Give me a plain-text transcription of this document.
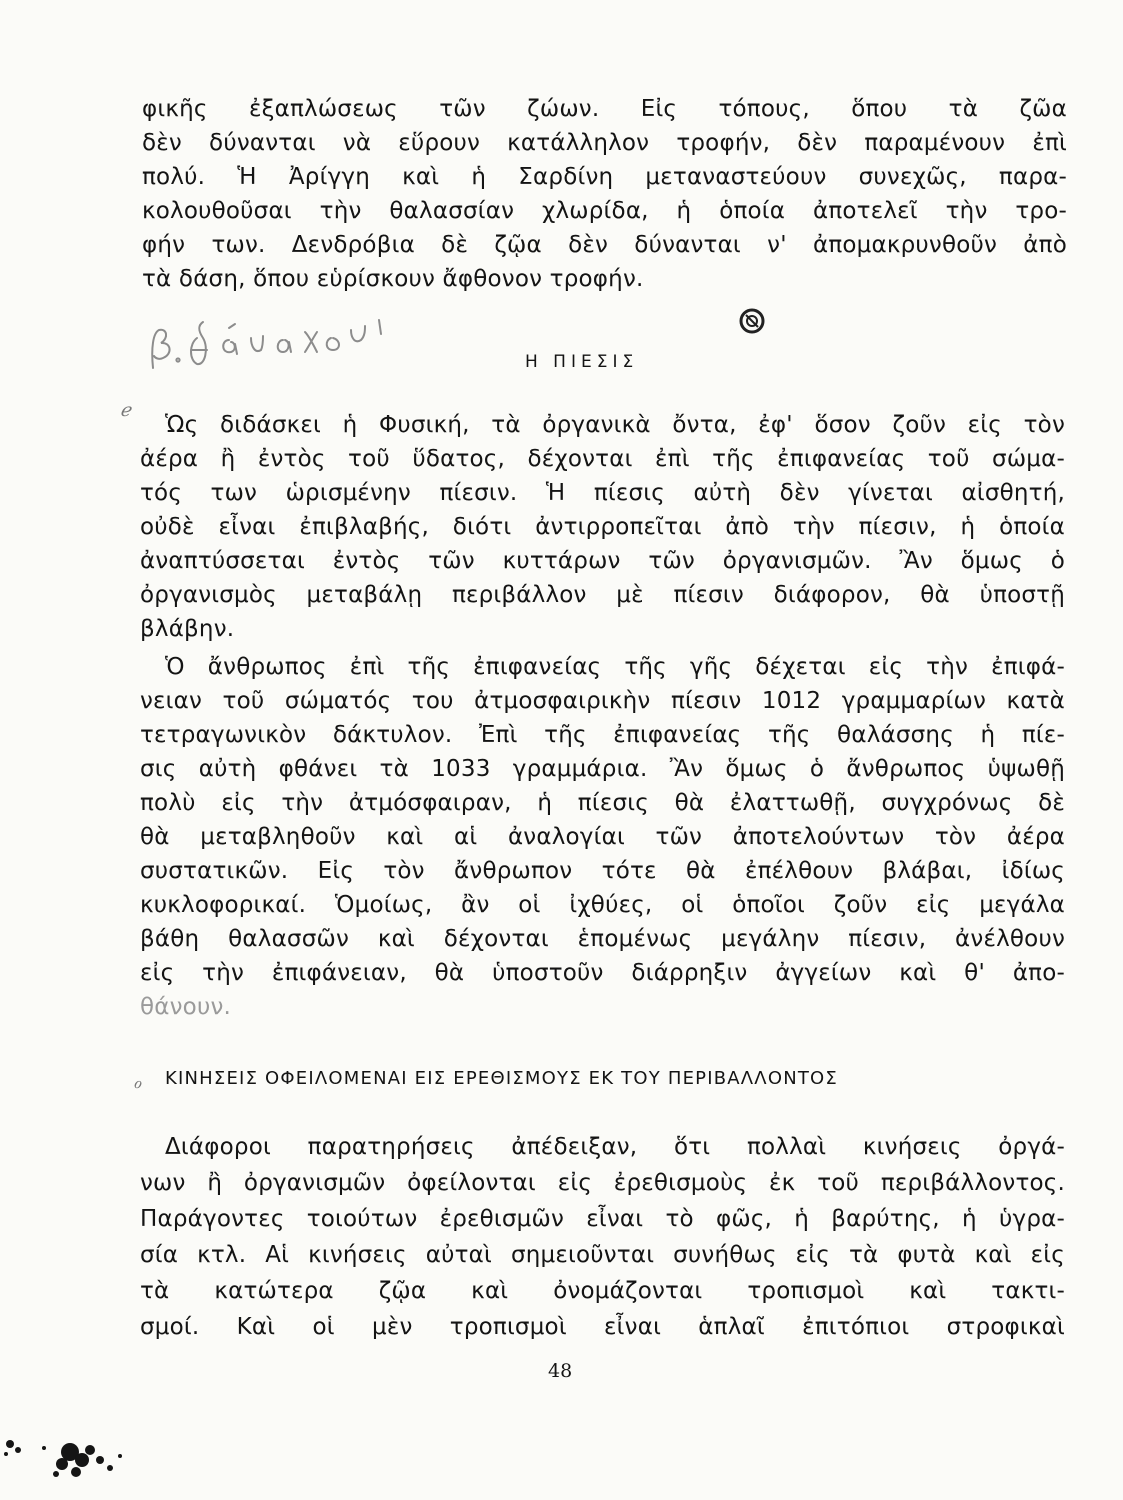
φικῆς ἐξαπλώσεως τῶν ζώων. Εἰς τόπους, ὅπου τὰ ζῶα

δὲν δύνανται νὰ εὕρουν κατάλληλον τροφήν, δὲν παραμένουν ἐπὶ

πολύ. Ἡ Ἀρίγγη καὶ ἡ Σαρδίνη μεταναστεύουν συνεχῶς, παρα-

κολουθοῦσαι τὴν θαλασσίαν χλωρίδα, ἡ ὁποία ἀποτελεῖ τὴν τρο-

φήν των. Δενδρόβια δὲ ζῷα δὲν δύνανται ν' ἀπομακρυνθοῦν ἀπὸ

τὰ δάση, ὅπου εὑρίσκουν ἄφθονον τροφήν.

Η ΠΙΕΣΙΣ
ℯ

Ὡς διδάσκει ἡ Φυσική, τὰ ὀργανικὰ ὄντα, ἐφ' ὅσον ζοῦν εἰς τὸν

ἀέρα ἢ ἐντὸς τοῦ ὕδατος, δέχονται ἐπὶ τῆς ἐπιφανείας τοῦ σώμα-

τός των ὡρισμένην πίεσιν. Ἡ πίεσις αὐτὴ δὲν γίνεται αἰσθητή,

οὐδὲ εἶναι ἐπιβλαβής, διότι ἀντιρροπεῖται ἀπὸ τὴν πίεσιν, ἡ ὁποία

ἀναπτύσσεται ἐντὸς τῶν κυττάρων τῶν ὀργανισμῶν. Ἂν ὅμως ὁ

ὀργανισμὸς μεταβάλῃ περιβάλλον μὲ πίεσιν διάφορον, θὰ ὑποστῇ

βλάβην.

Ὁ ἄνθρωπος ἐπὶ τῆς ἐπιφανείας τῆς γῆς δέχεται εἰς τὴν ἐπιφά-

νειαν τοῦ σώματός του ἀτμοσφαιρικὴν πίεσιν 1012 γραμμαρίων κατὰ

τετραγωνικὸν δάκτυλον. Ἐπὶ τῆς ἐπιφανείας τῆς θαλάσσης ἡ πίε-

σις αὐτὴ φθάνει τὰ 1033 γραμμάρια. Ἂν ὅμως ὁ ἄνθρωπος ὑψωθῇ

πολὺ εἰς τὴν ἀτμόσφαιραν, ἡ πίεσις θὰ ἐλαττωθῇ, συγχρόνως δὲ

θὰ μεταβληθοῦν καὶ αἱ ἀναλογίαι τῶν ἀποτελούντων τὸν ἀέρα

συστατικῶν. Εἰς τὸν ἄνθρωπον τότε θὰ ἐπέλθουν βλάβαι, ἰδίως

κυκλοφορικαί. Ὁμοίως, ἂν οἱ ἰχθύες, οἱ ὁποῖοι ζοῦν εἰς μεγάλα

βάθη θαλασσῶν καὶ δέχονται ἑπομένως μεγάλην πίεσιν, ἀνέλθουν

εἰς τὴν ἐπιφάνειαν, θὰ ὑποστοῦν διάρρηξιν ἀγγείων καὶ θ' ἀπο-

θάνουν.

ℴ ΚΙΝΗΣΕΙΣ ΟΦΕΙΛΟΜΕΝΑΙ ΕΙΣ ΕΡΕΘΙΣΜΟΥΣ ΕΚ ΤΟΥ ΠΕΡΙΒΑΛΛΟΝΤΟΣ

Διάφοροι παρατηρήσεις ἀπέδειξαν, ὅτι πολλαὶ κινήσεις ὀργά-

νων ἢ ὀργανισμῶν ὀφείλονται εἰς ἐρεθισμοὺς ἐκ τοῦ περιβάλλοντος.

Παράγοντες τοιούτων ἐρεθισμῶν εἶναι τὸ φῶς, ἡ βαρύτης, ἡ ὑγρα-

σία κτλ. Αἱ κινήσεις αὐταὶ σημειοῦνται συνήθως εἰς τὰ φυτὰ καὶ εἰς

τὰ κατώτερα ζῷα καὶ ὀνομάζονται τροπισμοὶ καὶ τακτι-

σμοί. Καὶ οἱ μὲν τροπισμοὶ εἶναι ἁπλαῖ ἐπιτόπιοι στροφικαὶ

48
